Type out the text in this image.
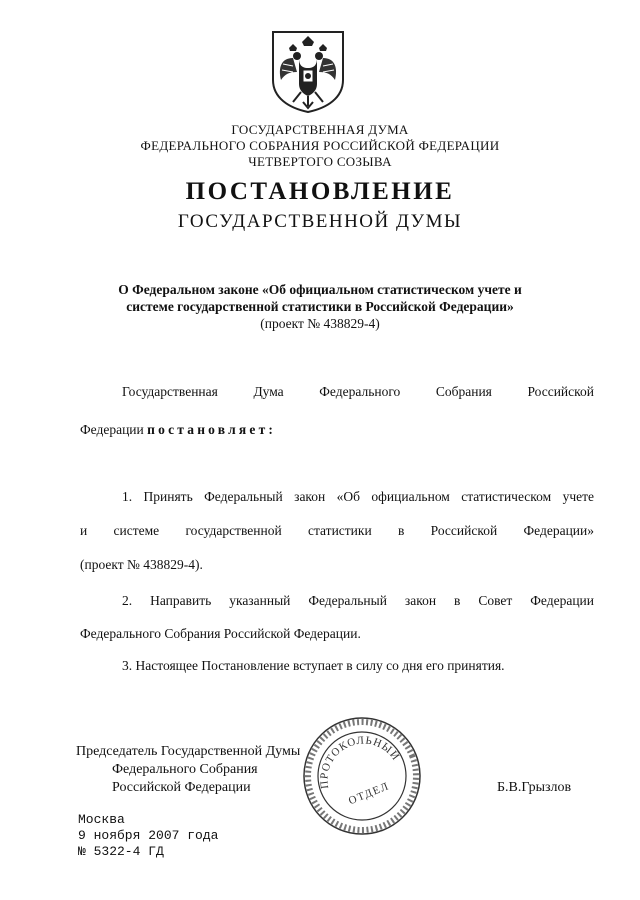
ГОСУДАРСТВЕННАЯ ДУМА
ФЕДЕРАЛЬНОГО СОБРАНИЯ РОССИЙСКОЙ ФЕДЕРАЦИИ
ЧЕТВЕРТОГО СОЗЫВА
ПОСТАНОВЛЕНИЕ
ГОСУДАРСТВЕННОЙ ДУМЫ
О Федеральном законе «Об официальном статистическом учете и
системе государственной статистики в Российской Федерации»
(проект № 438829-4)
Государственная Дума Федерального Собрания Российской
Федерации постановляет:
1. Принять Федеральный закон «Об официальном статистическом учете
и системе государственной статистики в Российской Федерации»
(проект № 438829-4).
2. Направить указанный Федеральный закон в Совет Федерации
Федерального Собрания Российской Федерации.
3. Настоящее Постановление вступает в силу со дня его принятия.
Председатель Государственной Думы
Федерального Собрания
Российской Федерации	Б.В.Грызлов
ПРОТОКОЛЬНЫЙ
ОТДЕЛ
Москва
9 ноября 2007 года
№ 5322-4 ГД
